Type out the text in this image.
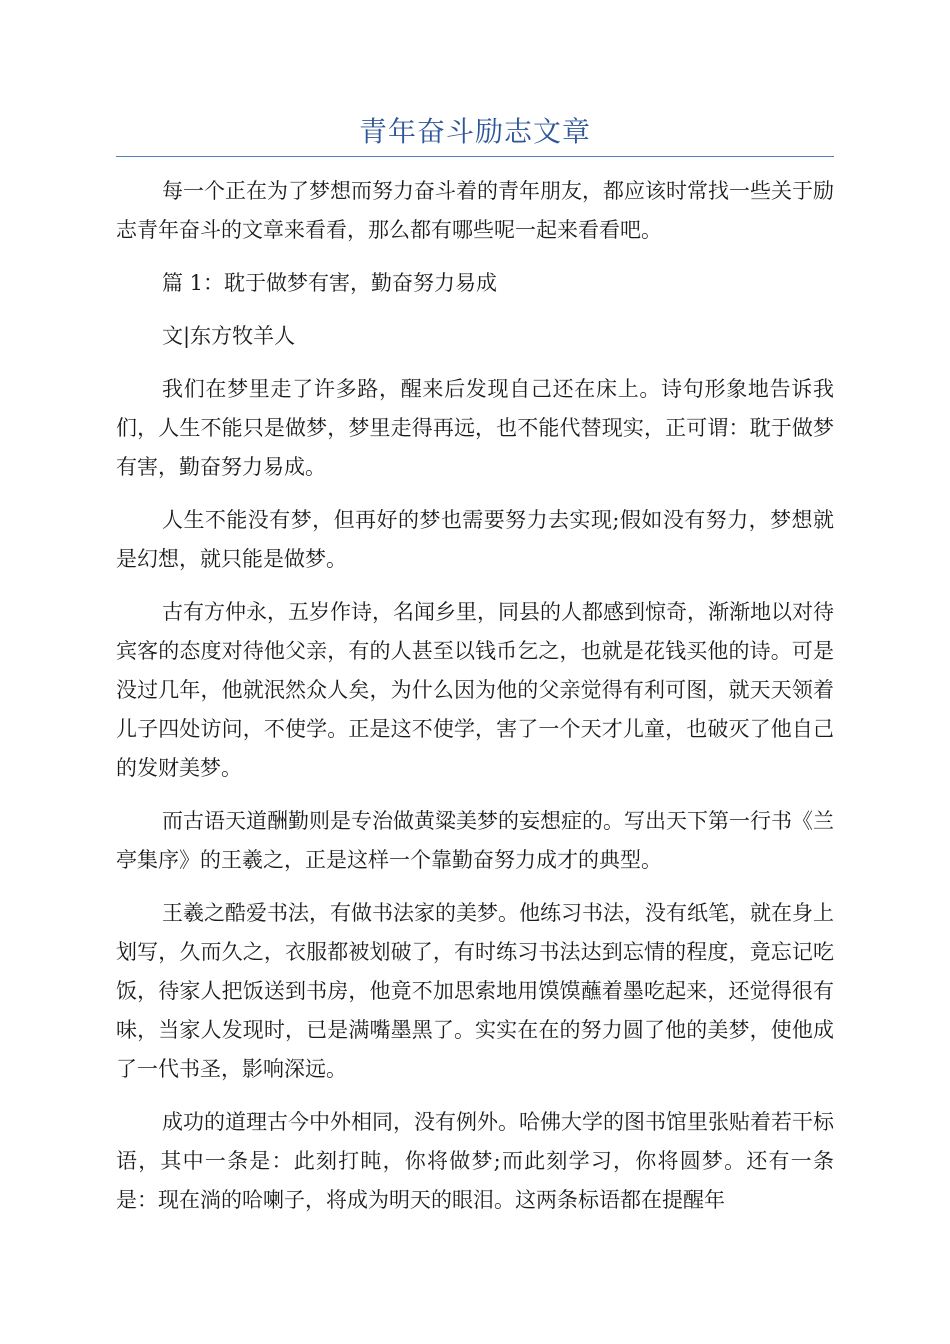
青年奋斗励志文章

每一个正在为了梦想而努力奋斗着的青年朋友，都应该时常找一些关于励志青年奋斗的文章来看看，那么都有哪些呢一起来看看吧。

篇 1：耽于做梦有害，勤奋努力易成

文|东方牧羊人

我们在梦里走了许多路，醒来后发现自己还在床上。诗句形象地告诉我们，人生不能只是做梦，梦里走得再远，也不能代替现实，正可谓：耽于做梦有害，勤奋努力易成。

人生不能没有梦，但再好的梦也需要努力去实现;假如没有努力，梦想就是幻想，就只能是做梦。

古有方仲永，五岁作诗，名闻乡里，同县的人都感到惊奇，渐渐地以对待宾客的态度对待他父亲，有的人甚至以钱币乞之，也就是花钱买他的诗。可是没过几年，他就泯然众人矣，为什么因为他的父亲觉得有利可图，就天天领着儿子四处访问，不使学。正是这不使学，害了一个天才儿童，也破灭了他自己的发财美梦。

而古语天道酬勤则是专治做黄粱美梦的妄想症的。写出天下第一行书《兰亭集序》的王羲之，正是这样一个靠勤奋努力成才的典型。

王羲之酷爱书法，有做书法家的美梦。他练习书法，没有纸笔，就在身上划写，久而久之，衣服都被划破了，有时练习书法达到忘情的程度，竟忘记吃饭，待家人把饭送到书房，他竟不加思索地用馍馍蘸着墨吃起来，还觉得很有味，当家人发现时，已是满嘴墨黑了。实实在在的努力圆了他的美梦，使他成了一代书圣，影响深远。

成功的道理古今中外相同，没有例外。哈佛大学的图书馆里张贴着若干标语，其中一条是：此刻打盹，你将做梦;而此刻学习，你将圆梦。还有一条是：现在淌的哈喇子，将成为明天的眼泪。这两条标语都在提醒年
